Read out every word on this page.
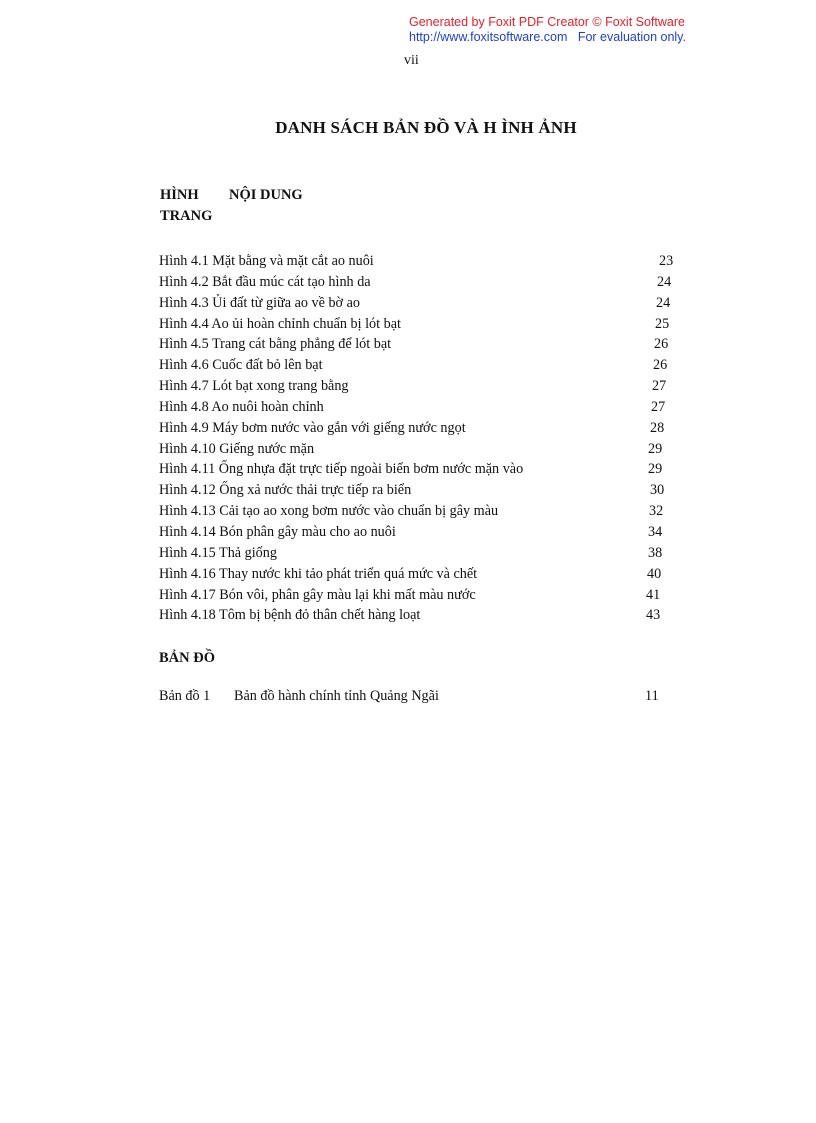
Generated by Foxit PDF Creator © Foxit Software
http://www.foxitsoftware.com For evaluation only.
vii
DANH SÁCH BẢN ĐỒ VÀ H ÌNH ẢNH
HÌNH NỘI DUNG
TRANG
Hình 4.1 Mặt bằng và mặt cắt ao nuôi	23
Hình 4.2 Bắt đầu múc cát tạo hình da	24
Hình 4.3 Ủi đất từ giữa ao về bờ ao	24
Hình 4.4 Ao ủi hoàn chỉnh chuẩn bị lót bạt	25
Hình 4.5 Trang cát bằng phẳng để lót bạt	26
Hình 4.6 Cuốc đất bỏ lên bạt	26
Hình 4.7 Lót bạt xong trang bằng	27
Hình 4.8 Ao nuôi hoàn chỉnh	27
Hình 4.9 Máy bơm nước vào gắn với giếng nước ngọt	28
Hình 4.10 Giếng nước mặn	29
Hình 4.11 Ống nhựa đặt trực tiếp ngoài biển bơm nước mặn vào	29
Hình 4.12 Ống xả nước thải trực tiếp ra biển	30
Hình 4.13 Cải tạo ao xong bơm nước vào chuẩn bị gây màu	32
Hình 4.14 Bón phân gây màu cho ao nuôi	34
Hình 4.15 Thả giống	38
Hình 4.16 Thay nước khi tảo phát triển quá mức và chết	40
Hình 4.17 Bón vôi, phân gây màu lại khi mất màu nước	41
Hình 4.18 Tôm bị bệnh đỏ thân chết hàng loạt	43
BẢN ĐỒ
Bản đồ 1 Bản đồ hành chính tỉnh Quảng Ngãi	11
